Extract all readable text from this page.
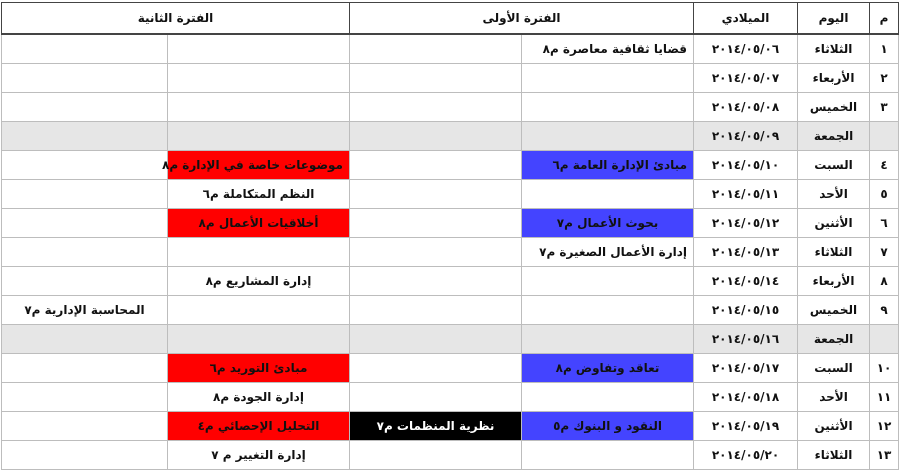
م	اليوم	الميلادي	الفترة الأولى		الفترة الثانية	
١	الثلاثاء	٢٠١٤/٠٥/٠٦	قضايا ثقافية معاصرة م٨			
٢	الأربعاء	٢٠١٤/٠٥/٠٧				
٣	الخميس	٢٠١٤/٠٥/٠٨				
	الجمعة	٢٠١٤/٠٥/٠٩				
٤	السبت	٢٠١٤/٠٥/١٠	مبادئ الإدارة العامة م٦		موضوعات خاصة في الإدارة م٨	
٥	الأحد	٢٠١٤/٠٥/١١			النظم المتكاملة م٦	
٦	الأثنين	٢٠١٤/٠٥/١٢	بحوث الأعمال م٧		أخلاقيات الأعمال م٨	
٧	الثلاثاء	٢٠١٤/٠٥/١٣	إدارة الأعمال الصغيرة م٧			
٨	الأربعاء	٢٠١٤/٠٥/١٤			إدارة المشاريع م٨	
٩	الخميس	٢٠١٤/٠٥/١٥				المحاسبة الإدارية م٧
	الجمعة	٢٠١٤/٠٥/١٦				
١٠	السبت	٢٠١٤/٠٥/١٧	تعاقد وتفاوض م٨		مبادئ التوريد م٦	
١١	الأحد	٢٠١٤/٠٥/١٨			إدارة الجودة م٨	
١٢	الأثنين	٢٠١٤/٠٥/١٩	النقود و البنوك م٥	نظرية المنظمات م٧	التحليل الإحصائي م٤	
١٣	الثلاثاء	٢٠١٤/٠٥/٢٠			إدارة التغيير م ٧	
